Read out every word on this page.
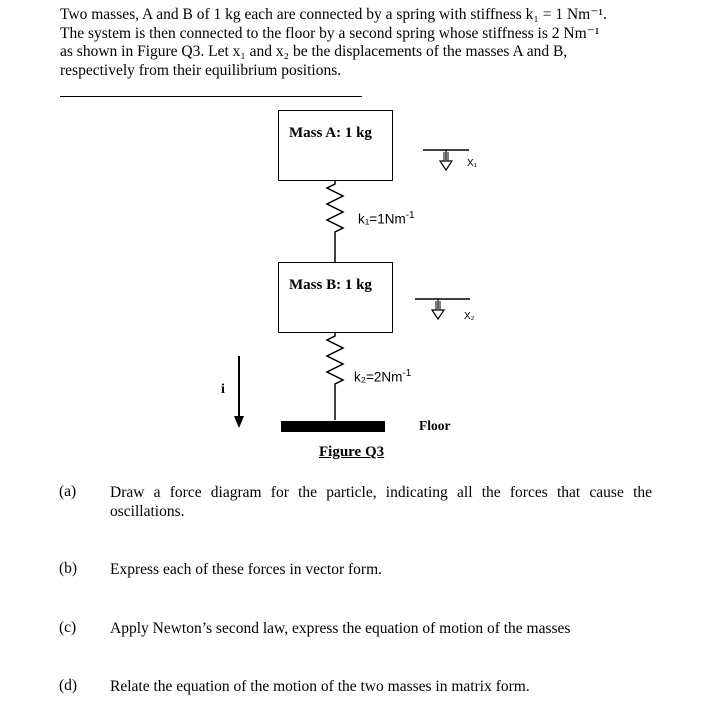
Two masses, A and B of 1 kg each are connected by a spring with stiffness k₁ = 1 Nm⁻¹.
The system is then connected to the floor by a second spring whose stiffness is 2 Nm⁻¹
as shown in Figure Q3. Let x₁ and x₂ be the displacements of the masses A and B,
respectively from their equilibrium positions.
Mass A: 1 kg
Mass B: 1 kg
$k_1=1Nm^{-1}$
$k_2=2Nm^{-1}$
X₁
X₂
i
Floor
Figure Q3
(a) Draw a force diagram for the particle, indicating all the forces that cause the oscillations.
(b) Express each of these forces in vector form.
(c) Apply Newton’s second law, express the equation of motion of the masses
(d) Relate the equation of the motion of the two masses in matrix form.
